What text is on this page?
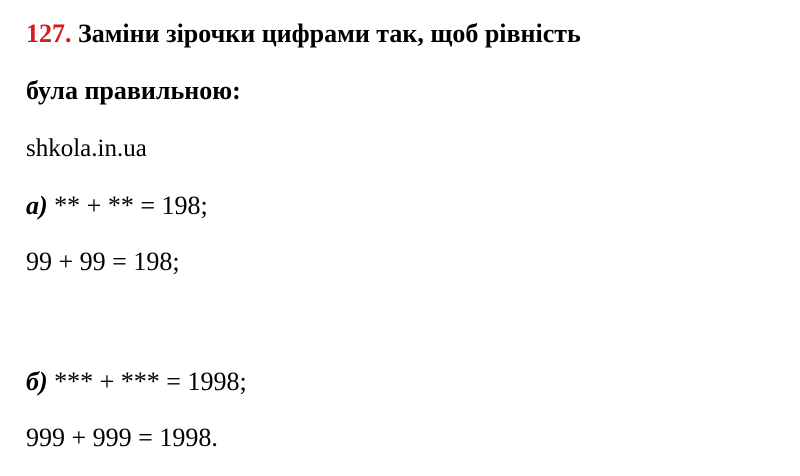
127. Заміни зірочки цифрами так, щоб рівність
була правильною:
shkola.in.ua
а) ** + ** = 198;
99 + 99 = 198;
б) *** + *** = 1998;
999 + 999 = 1998.
